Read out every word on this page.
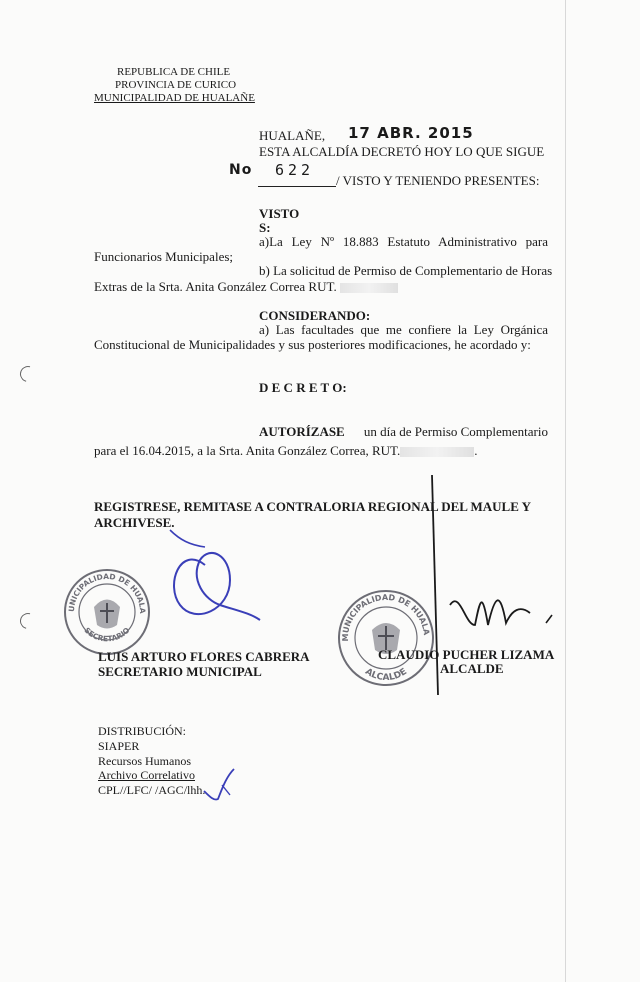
REPUBLICA DE CHILE
PROVINCIA DE CURICO
MUNICIPALIDAD DE HUALAÑE
HUALAÑE, 17 ABR. 2015
ESTA ALCALDÍA DECRETÓ HOY LO QUE SIGUE
No 622
/ VISTO Y TENIENDO PRESENTES:
VISTO
S:
a)La Ley Nº 18.883 Estatuto Administrativo para
Funcionarios Municipales;
b) La solicitud de Permiso de Complementario de Horas
Extras de la Srta. Anita González Correa RUT.
CONSIDERANDO:
a) Las facultades que me confiere la Ley Orgánica
Constitucional de Municipalidades y sus posteriores modificaciones, he acordado y:
D E C R E T O:
AUTORÍZASE un día de Permiso Complementario
para el 16.04.2015, a la Srta. Anita González Correa, RUT.	.
REGISTRESE, REMITASE A CONTRALORIA REGIONAL DEL MAULE Y
ARCHIVESE.
I.MUNICIPALIDAD DE HUALAÑE
SECRETARIO
I.MUNICIPALIDAD DE HUALAÑE
ALCALDE
LUIS ARTURO FLORES CABRERA
SECRETARIO MUNICIPAL
CLAUDIO PUCHER LIZAMA
ALCALDE
DISTRIBUCIÓN:
SIAPER
Recursos Humanos
Archivo Correlativo
CPL//LFC/ /AGC/lhh.
